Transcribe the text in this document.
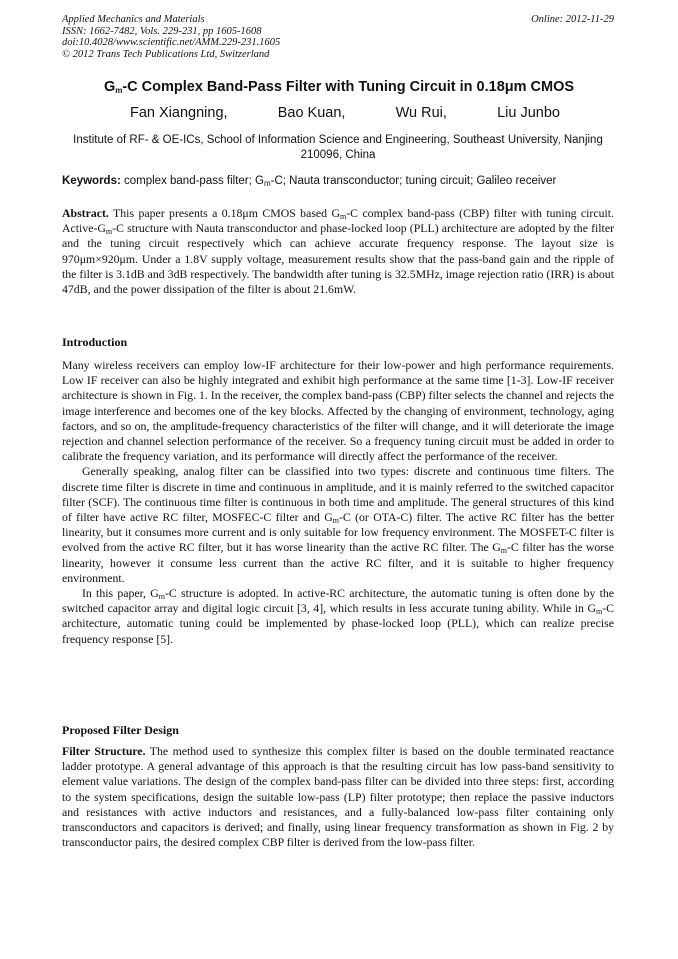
Applied Mechanics and Materials
ISSN: 1662-7482, Vols. 229-231, pp 1605-1608
doi:10.4028/www.scientific.net/AMM.229-231.1605
© 2012 Trans Tech Publications Ltd, Switzerland
Online: 2012-11-29
$G_m-C$ Complex Band-Pass Filter with Tuning Circuit in 0.18μm CMOS
Fan Xiangning,	Bao Kuan,	Wu Rui,	Liu Junbo
Institute of RF- & OE-ICs, School of Information Science and Engineering, Southeast University, Nanjing 210096, China
Keywords: complex band-pass filter; $G_m-C$; Nauta transconductor; tuning circuit; Galileo receiver

Abstract. This paper presents a 0.18μm CMOS based $G_m-C$ complex band-pass (CBP) filter with tuning circuit. Active-$G_m-C$ structure with Nauta transconductor and phase-locked loop (PLL) architecture are adopted by the filter and the tuning circuit respectively which can achieve accurate frequency response. The layout size is 970μm×920μm. Under a 1.8V supply voltage, measurement results show that the pass-band gain and the ripple of the filter is 3.1dB and 3dB respectively. The bandwidth after tuning is 32.5MHz, image rejection ratio (IRR) is about 47dB, and the power dissipation of the filter is about 21.6mW.

Introduction

Many wireless receivers can employ low-IF architecture for their low-power and high performance requirements. Low IF receiver can also be highly integrated and exhibit high performance at the same time [1-3]. Low-IF receiver architecture is shown in Fig. 1. In the receiver, the complex band-pass (CBP) filter selects the channel and rejects the image interference and becomes one of the key blocks. Affected by the changing of environment, technology, aging factors, and so on, the amplitude-frequency characteristics of the filter will change, and it will deteriorate the image rejection and channel selection performance of the receiver. So a frequency tuning circuit must be added in order to calibrate the frequency variation, and its performance will directly affect the performance of the receiver.

Generally speaking, analog filter can be classified into two types: discrete and continuous time filters. The discrete time filter is discrete in time and continuous in amplitude, and it is mainly referred to the switched capacitor filter (SCF). The continuous time filter is continuous in both time and amplitude. The general structures of this kind of filter have active RC filter, MOSFEC-C filter and $G_m-C$ (or OTA-C) filter. The active RC filter has the better linearity, but it consumes more current and is only suitable for low frequency environment. The MOSFET-C filter is evolved from the active RC filter, but it has worse linearity than the active RC filter. The $G_m-C$ filter has the worse linearity, however it consume less current than the active RC filter, and it is suitable to higher frequency environment.

In this paper, $G_m-C$ structure is adopted. In active-RC architecture, the automatic tuning is often done by the switched capacitor array and digital logic circuit [3, 4], which results in less accurate tuning ability. While in $G_m-C$ architecture, automatic tuning could be implemented by phase-locked loop (PLL), which can realize precise frequency response [5].

Proposed Filter Design

Filter Structure. The method used to synthesize this complex filter is based on the double terminated reactance ladder prototype. A general advantage of this approach is that the resulting circuit has low pass-band sensitivity to element value variations. The design of the complex band-pass filter can be divided into three steps: first, according to the system specifications, design the suitable low-pass (LP) filter prototype; then replace the passive inductors and resistances with active inductors and resistances, and a fully-balanced low-pass filter containing only transconductors and capacitors is derived; and finally, using linear frequency transformation as shown in Fig. 2 by transconductor pairs, the desired complex CBP filter is derived from the low-pass filter.
